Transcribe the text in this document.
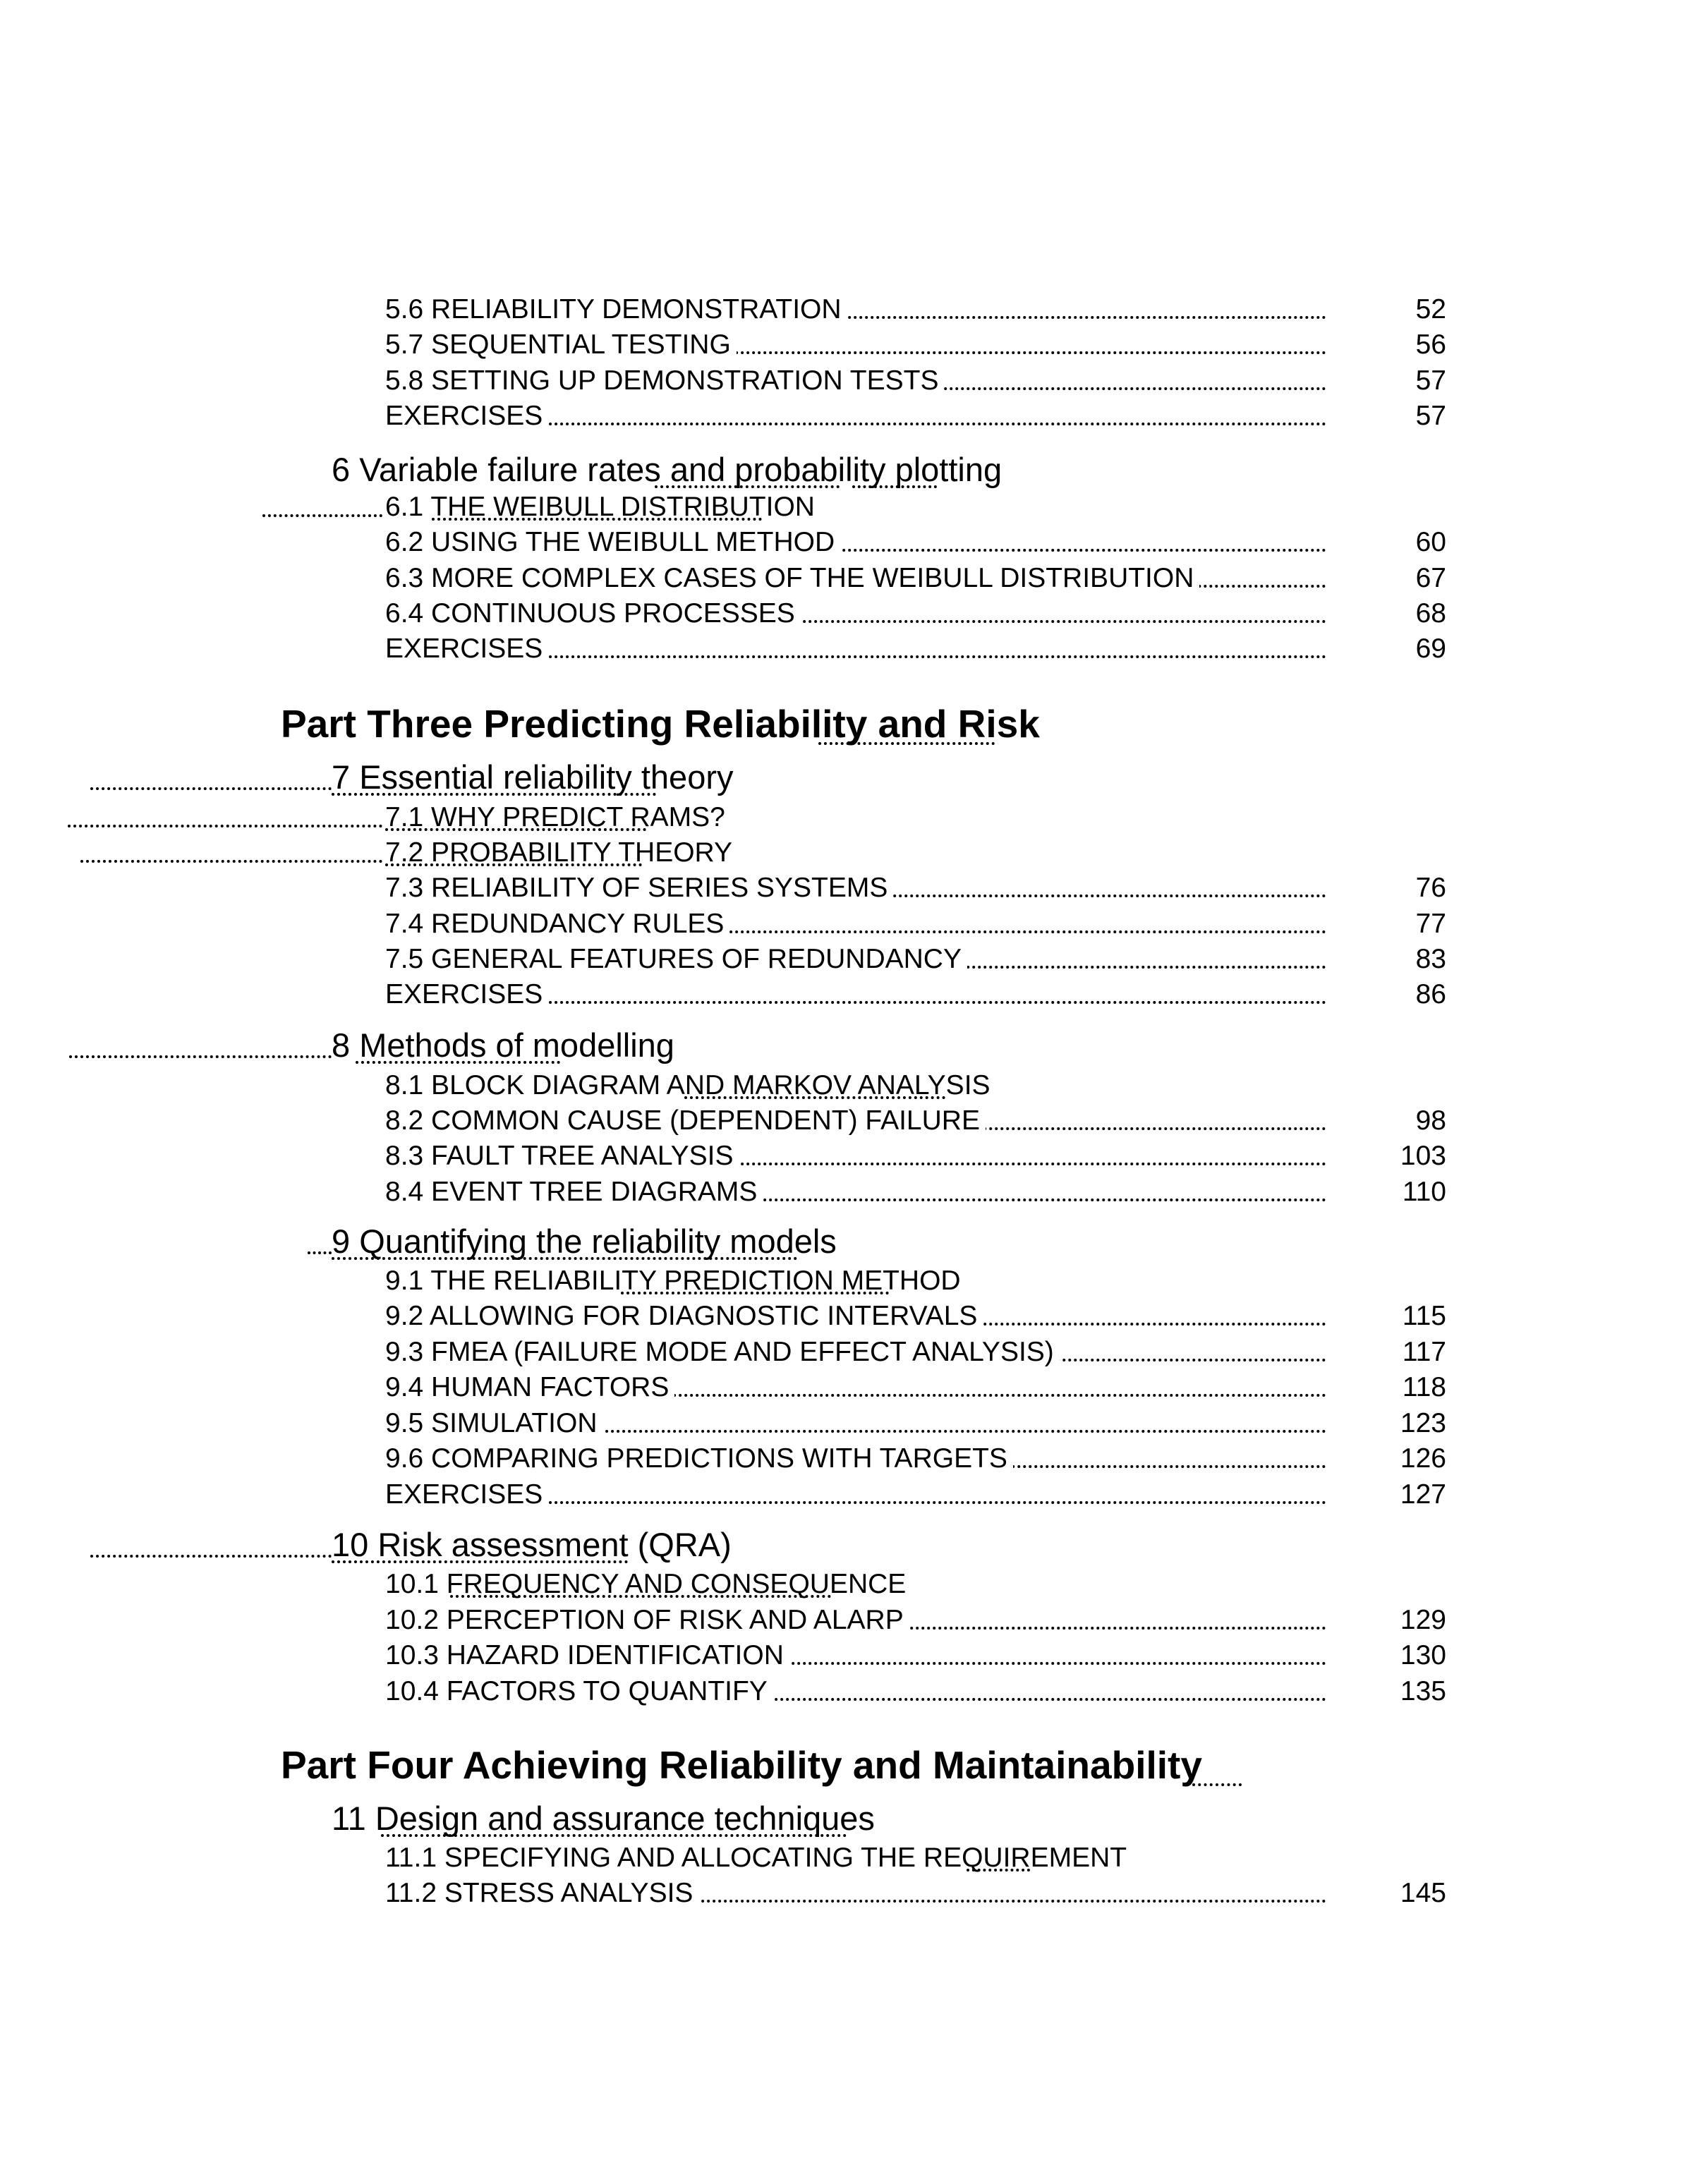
5.6 RELIABILITY DEMONSTRATION	52
5.7 SEQUENTIAL TESTING	56
5.8 SETTING UP DEMONSTRATION TESTS	57
EXERCISES	57
6 Variable failure rates and probability plotting
6.1 THE WEIBULL DISTRIBUTION
6.2 USING THE WEIBULL METHOD	60
6.3 MORE COMPLEX CASES OF THE WEIBULL DISTRIBUTION	67
6.4 CONTINUOUS PROCESSES	68
EXERCISES	69
Part Three Predicting Reliability and Risk
7 Essential reliability theory
7.1 WHY PREDICT RAMS?
7.2 PROBABILITY THEORY
7.3 RELIABILITY OF SERIES SYSTEMS	76
7.4 REDUNDANCY RULES	77
7.5 GENERAL FEATURES OF REDUNDANCY	83
EXERCISES	86
8 Methods of modelling
8.1 BLOCK DIAGRAM AND MARKOV ANALYSIS
8.2 COMMON CAUSE (DEPENDENT) FAILURE	98
8.3 FAULT TREE ANALYSIS	103
8.4 EVENT TREE DIAGRAMS	110
9 Quantifying the reliability models
9.1 THE RELIABILITY PREDICTION METHOD
9.2 ALLOWING FOR DIAGNOSTIC INTERVALS	115
9.3 FMEA (FAILURE MODE AND EFFECT ANALYSIS)	117
9.4 HUMAN FACTORS	118
9.5 SIMULATION	123
9.6 COMPARING PREDICTIONS WITH TARGETS	126
EXERCISES	127
10 Risk assessment (QRA)
10.1 FREQUENCY AND CONSEQUENCE
10.2 PERCEPTION OF RISK AND ALARP	129
10.3 HAZARD IDENTIFICATION	130
10.4 FACTORS TO QUANTIFY	135
Part Four Achieving Reliability and Maintainability
11 Design and assurance techniques
11.1 SPECIFYING AND ALLOCATING THE REQUIREMENT
11.2 STRESS ANALYSIS	145
